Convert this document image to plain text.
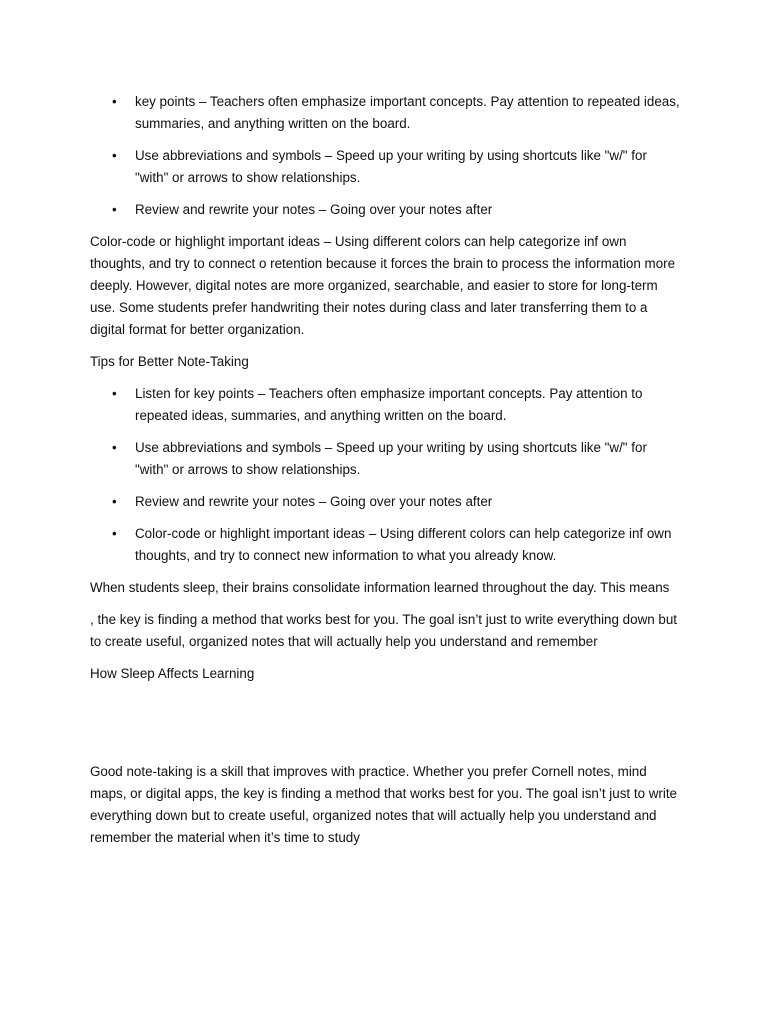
• key points – Teachers often emphasize important concepts. Pay attention to repeated ideas, summaries, and anything written on the board.
• Use abbreviations and symbols – Speed up your writing by using shortcuts like "w/" for "with" or arrows to show relationships.
• Review and rewrite your notes – Going over your notes after

Color-code or highlight important ideas – Using different colors can help categorize inf own thoughts, and try to connect o retention because it forces the brain to process the information more deeply. However, digital notes are more organized, searchable, and easier to store for long-term use. Some students prefer handwriting their notes during class and later transferring them to a digital format for better organization.

Tips for Better Note-Taking

• Listen for key points – Teachers often emphasize important concepts. Pay attention to repeated ideas, summaries, and anything written on the board.
• Use abbreviations and symbols – Speed up your writing by using shortcuts like "w/" for "with" or arrows to show relationships.
• Review and rewrite your notes – Going over your notes after
• Color-code or highlight important ideas – Using different colors can help categorize inf own thoughts, and try to connect new information to what you already know.

When students sleep, their brains consolidate information learned throughout the day. This means

, the key is finding a method that works best for you. The goal isn’t just to write everything down but to create useful, organized notes that will actually help you understand and remember

How Sleep Affects Learning

Good note-taking is a skill that improves with practice. Whether you prefer Cornell notes, mind maps, or digital apps, the key is finding a method that works best for you. The goal isn’t just to write everything down but to create useful, organized notes that will actually help you understand and remember the material when it’s time to study
